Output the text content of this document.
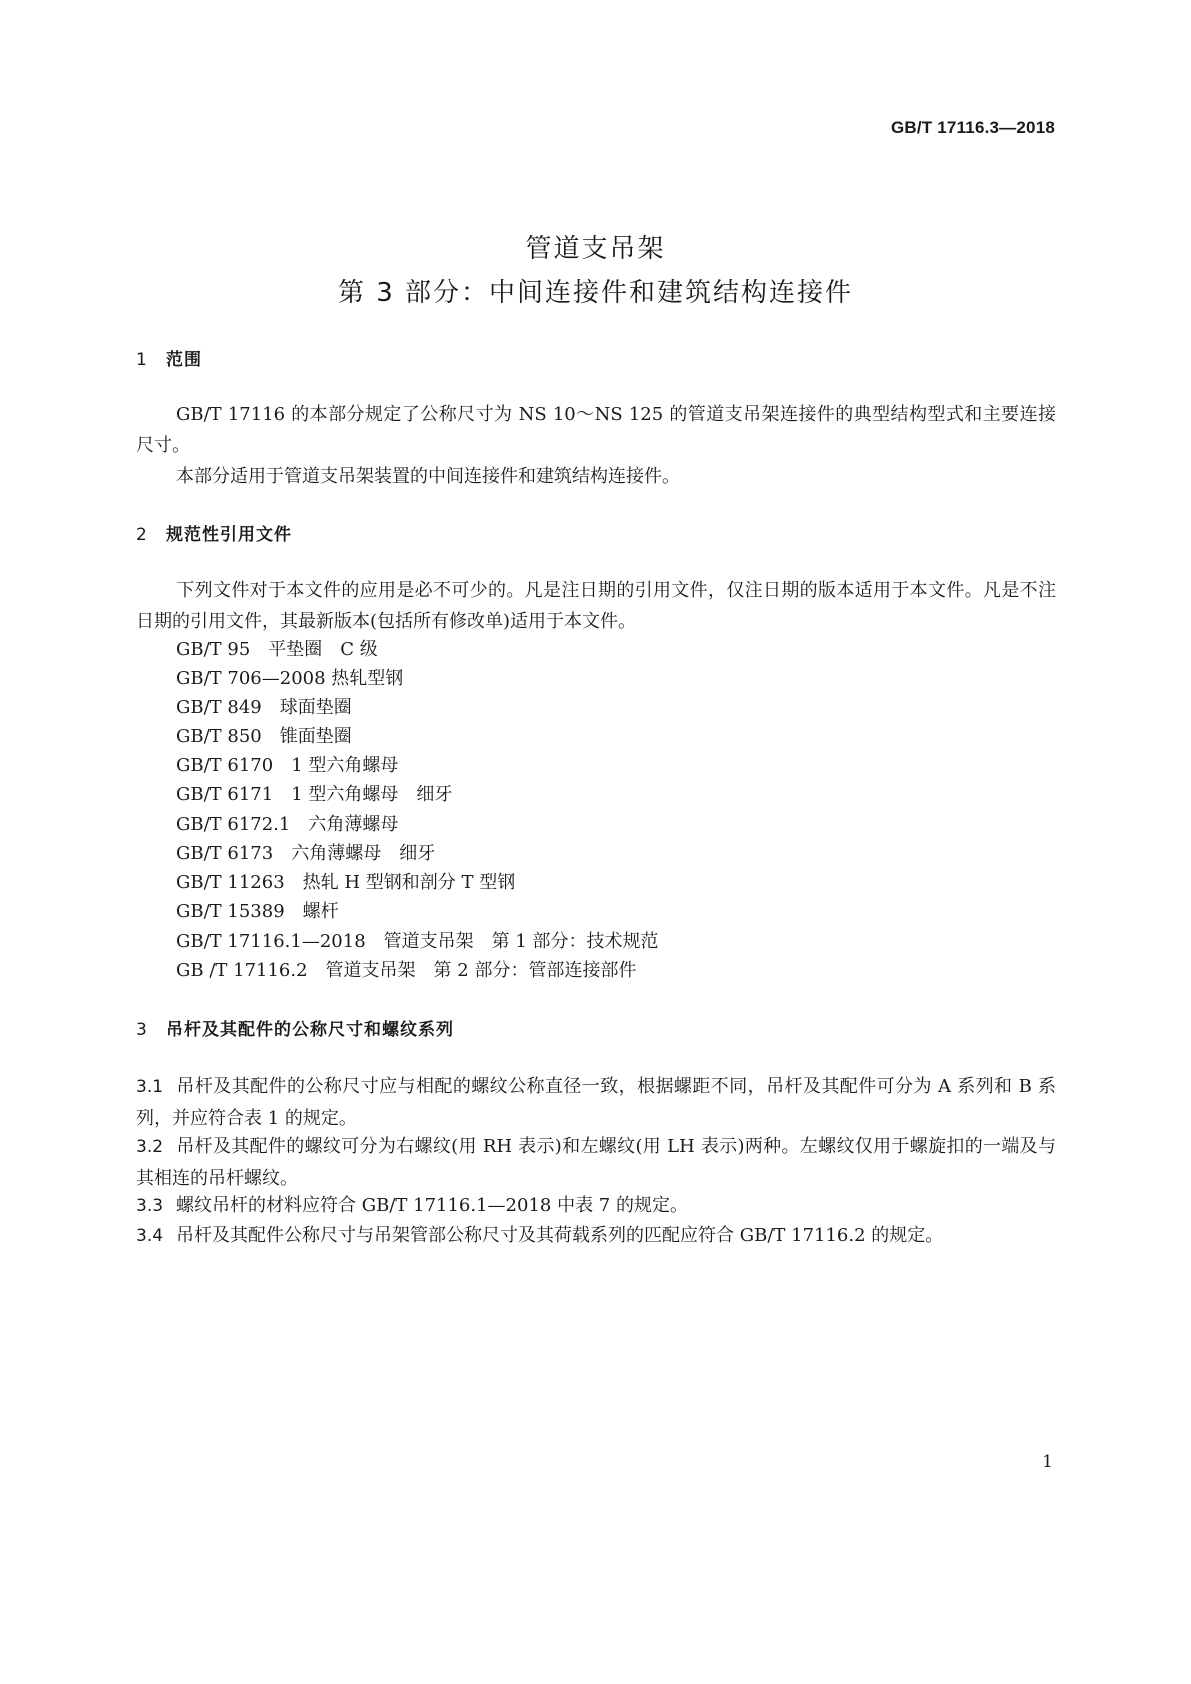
GB/T 17116.3—2018
管道支吊架
第 3 部分：中间连接件和建筑结构连接件
1 范围
GB/T 17116 的本部分规定了公称尺寸为 NS 10～NS 125 的管道支吊架连接件的典型结构型式和主要连接尺寸。
本部分适用于管道支吊架装置的中间连接件和建筑结构连接件。
2 规范性引用文件
下列文件对于本文件的应用是必不可少的。凡是注日期的引用文件，仅注日期的版本适用于本文件。凡是不注日期的引用文件，其最新版本(包括所有修改单)适用于本文件。
GB/T 95　平垫圈　C 级
GB/T 706—2008 热轧型钢
GB/T 849　球面垫圈
GB/T 850　锥面垫圈
GB/T 6170　1 型六角螺母
GB/T 6171　1 型六角螺母　细牙
GB/T 6172.1　六角薄螺母
GB/T 6173　六角薄螺母　细牙
GB/T 11263　热轧 H 型钢和剖分 T 型钢
GB/T 15389　螺杆
GB/T 17116.1—2018　管道支吊架　第 1 部分：技术规范
GB /T 17116.2　管道支吊架　第 2 部分：管部连接部件
3 吊杆及其配件的公称尺寸和螺纹系列
3.1 吊杆及其配件的公称尺寸应与相配的螺纹公称直径一致，根据螺距不同，吊杆及其配件可分为 A 系列和 B 系列，并应符合表 1 的规定。
3.2 吊杆及其配件的螺纹可分为右螺纹(用 RH 表示)和左螺纹(用 LH 表示)两种。左螺纹仅用于螺旋扣的一端及与其相连的吊杆螺纹。
3.3 螺纹吊杆的材料应符合 GB/T 17116.1—2018 中表 7 的规定。
3.4 吊杆及其配件公称尺寸与吊架管部公称尺寸及其荷载系列的匹配应符合 GB/T 17116.2 的规定。
1
